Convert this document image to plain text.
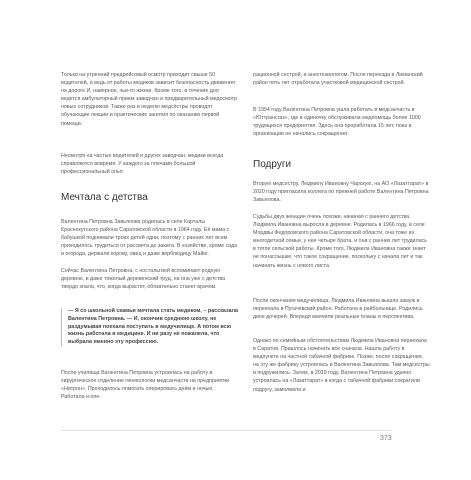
Только на утренний предрейсовый осмотр приходит свыше 50 водителей, а ведь от работы медиков зависит безопасность движения на дороге И, наверное, чьи-то жизни. Кроме того, в течение дня ведется амбулаторный прием заводчан и предварительный медосмотр новых сотрудников. Также раз в неделю медсёстры проводят обучающие лекции и практические занятия по оказанию первой помощи.

Несмотря на частые водителей и других заводчан, медики всегда справляются вовремя. У каждого за плечами большой профессиональный опыт.

Мечтала с детства

Валентина Петровна Завьялова родилась в селе Карталы Краснокутского района Саратовской области в 1964 году. Её мама с бабушкой поднимали троих детей одни, поэтому с ранних лет всем приходилось трудиться от рассвета до заката. В хозяйстве, кроме сада и огорода, держали корову, овец и даже верблюдицу Майю.

Сейчас Валентина Петровна, с ностальгией вспоминает родную деревню, и даже тяжелый деревенский труд, на она уже с детства твердо знала, что, когда вырастет, обязательно станет врачом.

— Я со школьной скамьи мечтала стать медиком, – рассказала Валентина Петровна. — И, окончив среднюю школу, не раздумывая поехала поступать в медучилище. А потом всю жизнь работала в медицине. И ни разу не пожалела, что выбрала именно эту профессию.

После училища Валентина Петровна устроилась на работу в хирургическое отделение гинекологии медсанчасти на предприятии «Нитрон». Проходилось помогать оперировать днём и ночью. Работала и опе-

рационной сестрой, и анестезиологом. После переезда в Лиманский район пять лет отработала участковой медицинской сестрой.

В 1994 году Валентина Петровна ушла работать в медсанчасть в «Юттрансгаз», где в одиночку обслуживала медпомощь более 1000 трудящихся предприятия. Здесь она проработала 15 лет, пока в организации не начались сокращения.

Подруги

Вторую медсестру, Людмилу Ивановну Чарскую, на АО «Лазаттарат» в 2020 году пригласила коллега по прежней работе Валентина Петровна Завьялова.

Судьбы двух женщин очень похожи, начиная с раннего детства. Людмила Ивановна выросла в деревне. Родилась в 1966 году, в селе Мордвы Федоровского района Саратовской области, она тоже из многодетной семьи, у нее четыре брата, и она с ранних лет трудилась в тягле сельской работы. Кроме того, Людмила Ивановна также знает не понаслышке, что такое сокращение, поскольку с начала лет и так начинать жизнь с нового листа.

После окончания медучилища, Людмила Ивановна вышла замуж и переехала в Пугачевский район. Работала в райбольнице. Родились двое дочерей. Впереди маячили реальные планы и перспектива.

Однако по семейным обстоятельствам Людмила Ивановна переехала в Саратов. Пришлось начинать все сначала. Нашла работу в медпункте на частной табачной фабрике. Позже, после сокращения, на эту же фабрику устроилась и Валентина Завьялова. Там медсестры и подружились. Затем, в 2019 году, Валентина Петровна удачно устроилась на «Лазаттарат» в когда с табачной фабрики сократили подругу, замолвила и

373
